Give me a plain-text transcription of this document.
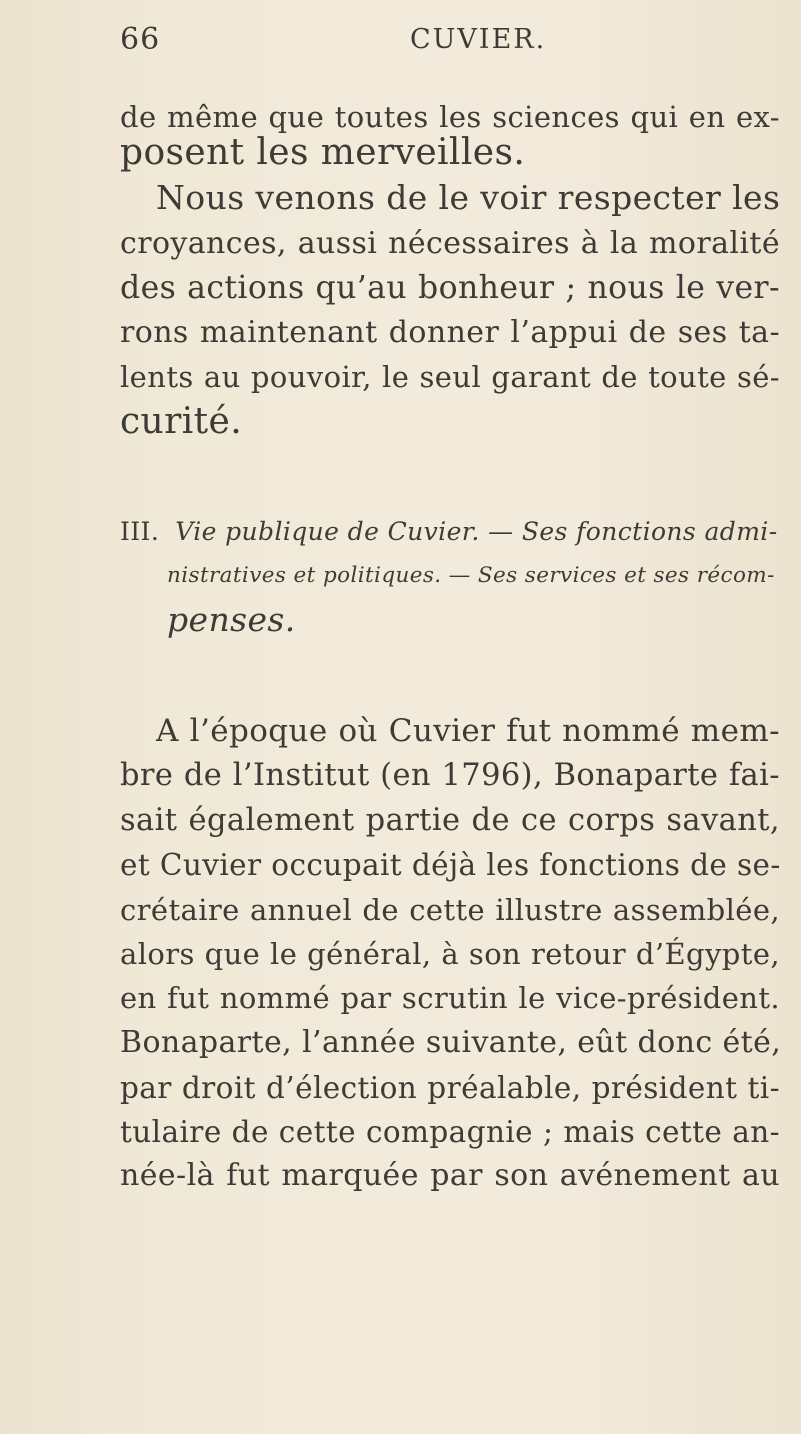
66	CUVIER.
de même que toutes les sciences qui en ex-
posent les merveilles.
Nous venons de le voir respecter les
croyances, aussi nécessaires à la moralité
des actions qu’au bonheur ; nous le ver-
rons maintenant donner l’appui de ses ta-
lents au pouvoir, le seul garant de toute sé-
curité.
III. Vie publique de Cuvier. — Ses fonctions admi-
nistratives et politiques. — Ses services et ses récom-
penses.
A l’époque où Cuvier fut nommé mem-
bre de l’Institut (en 1796), Bonaparte fai-
sait également partie de ce corps savant,
et Cuvier occupait déjà les fonctions de se-
crétaire annuel de cette illustre assemblée,
alors que le général, à son retour d’Égypte,
en fut nommé par scrutin le vice-président.
Bonaparte, l’année suivante, eût donc été,
par droit d’élection préalable, président ti-
tulaire de cette compagnie ; mais cette an-
née-là fut marquée par son avénement au
